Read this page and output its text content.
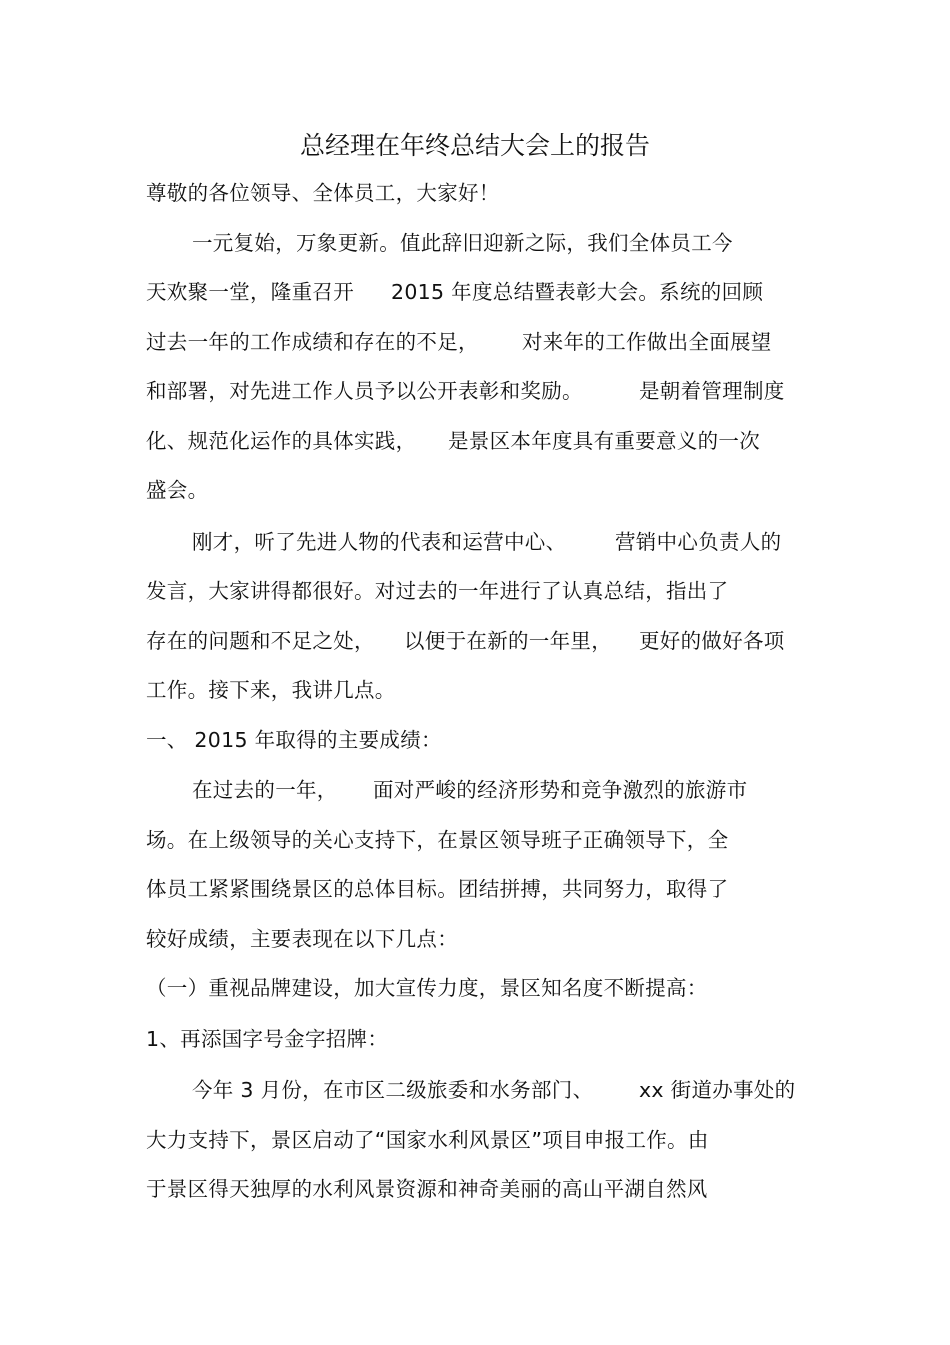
总经理在年终总结大会上的报告
尊敬的各位领导、全体员工，大家好！
一元复始，万象更新。值此辞旧迎新之际，我们全体员工今
天欢聚一堂，隆重召开 2015 年度总结暨表彰大会。系统的回顾
过去一年的工作成绩和存在的不足， 对来年的工作做出全面展望
和部署，对先进工作人员予以公开表彰和奖励。	是朝着管理制度
化、规范化运作的具体实践， 是景区本年度具有重要意义的一次
盛会。
刚才，听了先进人物的代表和运营中心、 营销中心负责人的
发言，大家讲得都很好。对过去的一年进行了认真总结，指出了
存在的问题和不足之处， 以便于在新的一年里， 更好的做好各项
工作。接下来，我讲几点。
一、 2015 年取得的主要成绩：
在过去的一年， 面对严峻的经济形势和竞争激烈的旅游市
场。在上级领导的关心支持下，在景区领导班子正确领导下，全
体员工紧紧围绕景区的总体目标。团结拼搏，共同努力，取得了
较好成绩，主要表现在以下几点：
（一）重视品牌建设，加大宣传力度，景区知名度不断提高：
1、再添国字号金字招牌：
今年 3 月份，在市区二级旅委和水务部门、 xx 街道办事处的
大力支持下，景区启动了“国家水利风景区”项目申报工作。由
于景区得天独厚的水利风景资源和神奇美丽的高山平湖自然风
